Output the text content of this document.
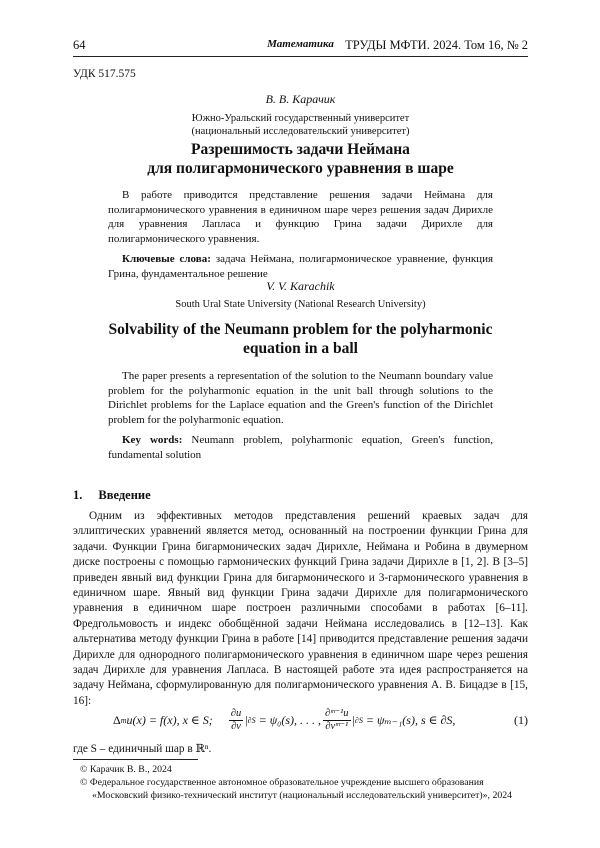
64	Математика ТРУДЫ МФТИ. 2024. Том 16, № 2
УДК 517.575
В. В. Карачик
Южно-Уральский государственный университет
(национальный исследовательский университет)
Разрешимость задачи Неймана
для полигармонического уравнения в шаре

В работе приводится представление решения задачи Неймана для полигармонического уравнения в единичном шаре через решения задач Дирихле для уравнения Лапласа и функцию Грина задачи Дирихле для полигармонического уравнения.

Ключевые слова: задача Неймана, полигармоническое уравнение, функция Грина, фундаментальное решение

V. V. Karachik
South Ural State University (National Research University)
Solvability of the Neumann problem for the polyharmonic
equation in a ball

The paper presents a representation of the solution to the Neumann boundary value problem for the polyharmonic equation in the unit ball through solutions to the Dirichlet problems for the Laplace equation and the Green's function of the Dirichlet problem for the polyharmonic equation.

Key words: Neumann problem, polyharmonic equation, Green's function, fundamental solution

1. Введение

Одним из эффективных методов представления решений краевых задач для эллиптических уравнений является метод, основанный на построении функции Грина для задачи. Функции Грина бигармонических задач Дирихле, Неймана и Робина в двумерном диске построены с помощью гармонических функций Грина задачи Дирихле в [1, 2]. В [3–5] приведен явный вид функции Грина для бигармонического и 3-гармонического уравнения в единичном шаре. Явный вид функции Грина задачи Дирихле для полигармонического уравнения в единичном шаре построен различными способами в работах [6–11]. Фредгольмовость и индекс обобщённой задачи Неймана исследовались в [12–13]. Как альтернатива методу функции Грина в работе [14] приводится представление решения задачи Дирихле для однородного полигармонического уравнения в единичном шаре через решения задач Дирихле для уравнения Лапласа. В настоящей работе эта идея распространяется на задачу Неймана, сформулированную для полигармонического уравнения А. В. Бицадзе в [15, 16]:

Δ m u(x) = f(x), x ∈ S; $\frac{\partial u}{\partial\nu}$ | ∂S = ψ₀(s), . . . , $\frac{\text{∂ᵐ⁻¹u}}{\text{∂νᵐ⁻¹}}$ | ∂S = ψₘ₋₁(s), s ∈ ∂S,	(1)
где S – единичный шар в ℝⁿ.
© Карачик В. В., 2024
© Федеральное государственное автономное образовательное учреждение высшего образования
«Московский физико-технический институт (национальный исследовательский университет)», 2024
